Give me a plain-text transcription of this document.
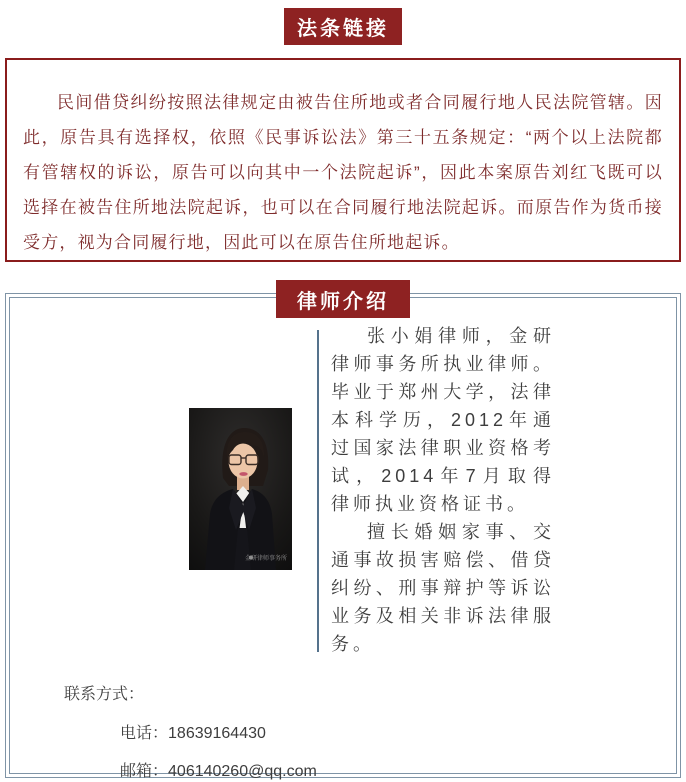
法条链接

民间借贷纠纷按照法律规定由被告住所地或者合同履行地人民法院管辖。因此，原告具有选择权，依照《民事诉讼法》第三十五条规定：“两个以上法院都有管辖权的诉讼，原告可以向其中一个法院起诉”，因此本案原告刘红飞既可以选择在被告住所地法院起诉，也可以在合同履行地法院起诉。而原告作为货币接受方，视为合同履行地，因此可以在原告住所地起诉。

律师介绍
金研律师事务所

张小娟律师，金研律师事务所执业律师。毕业于郑州大学，法律本科学历，2012年通过国家法律职业资格考试，2014年7月取得律师执业资格证书。

擅长婚姻家事、交通事故损害赔偿、借贷纠纷、刑事辩护等诉讼业务及相关非诉法律服务。

联系方式：
电话：18639164430
邮箱：406140260@qq.com
